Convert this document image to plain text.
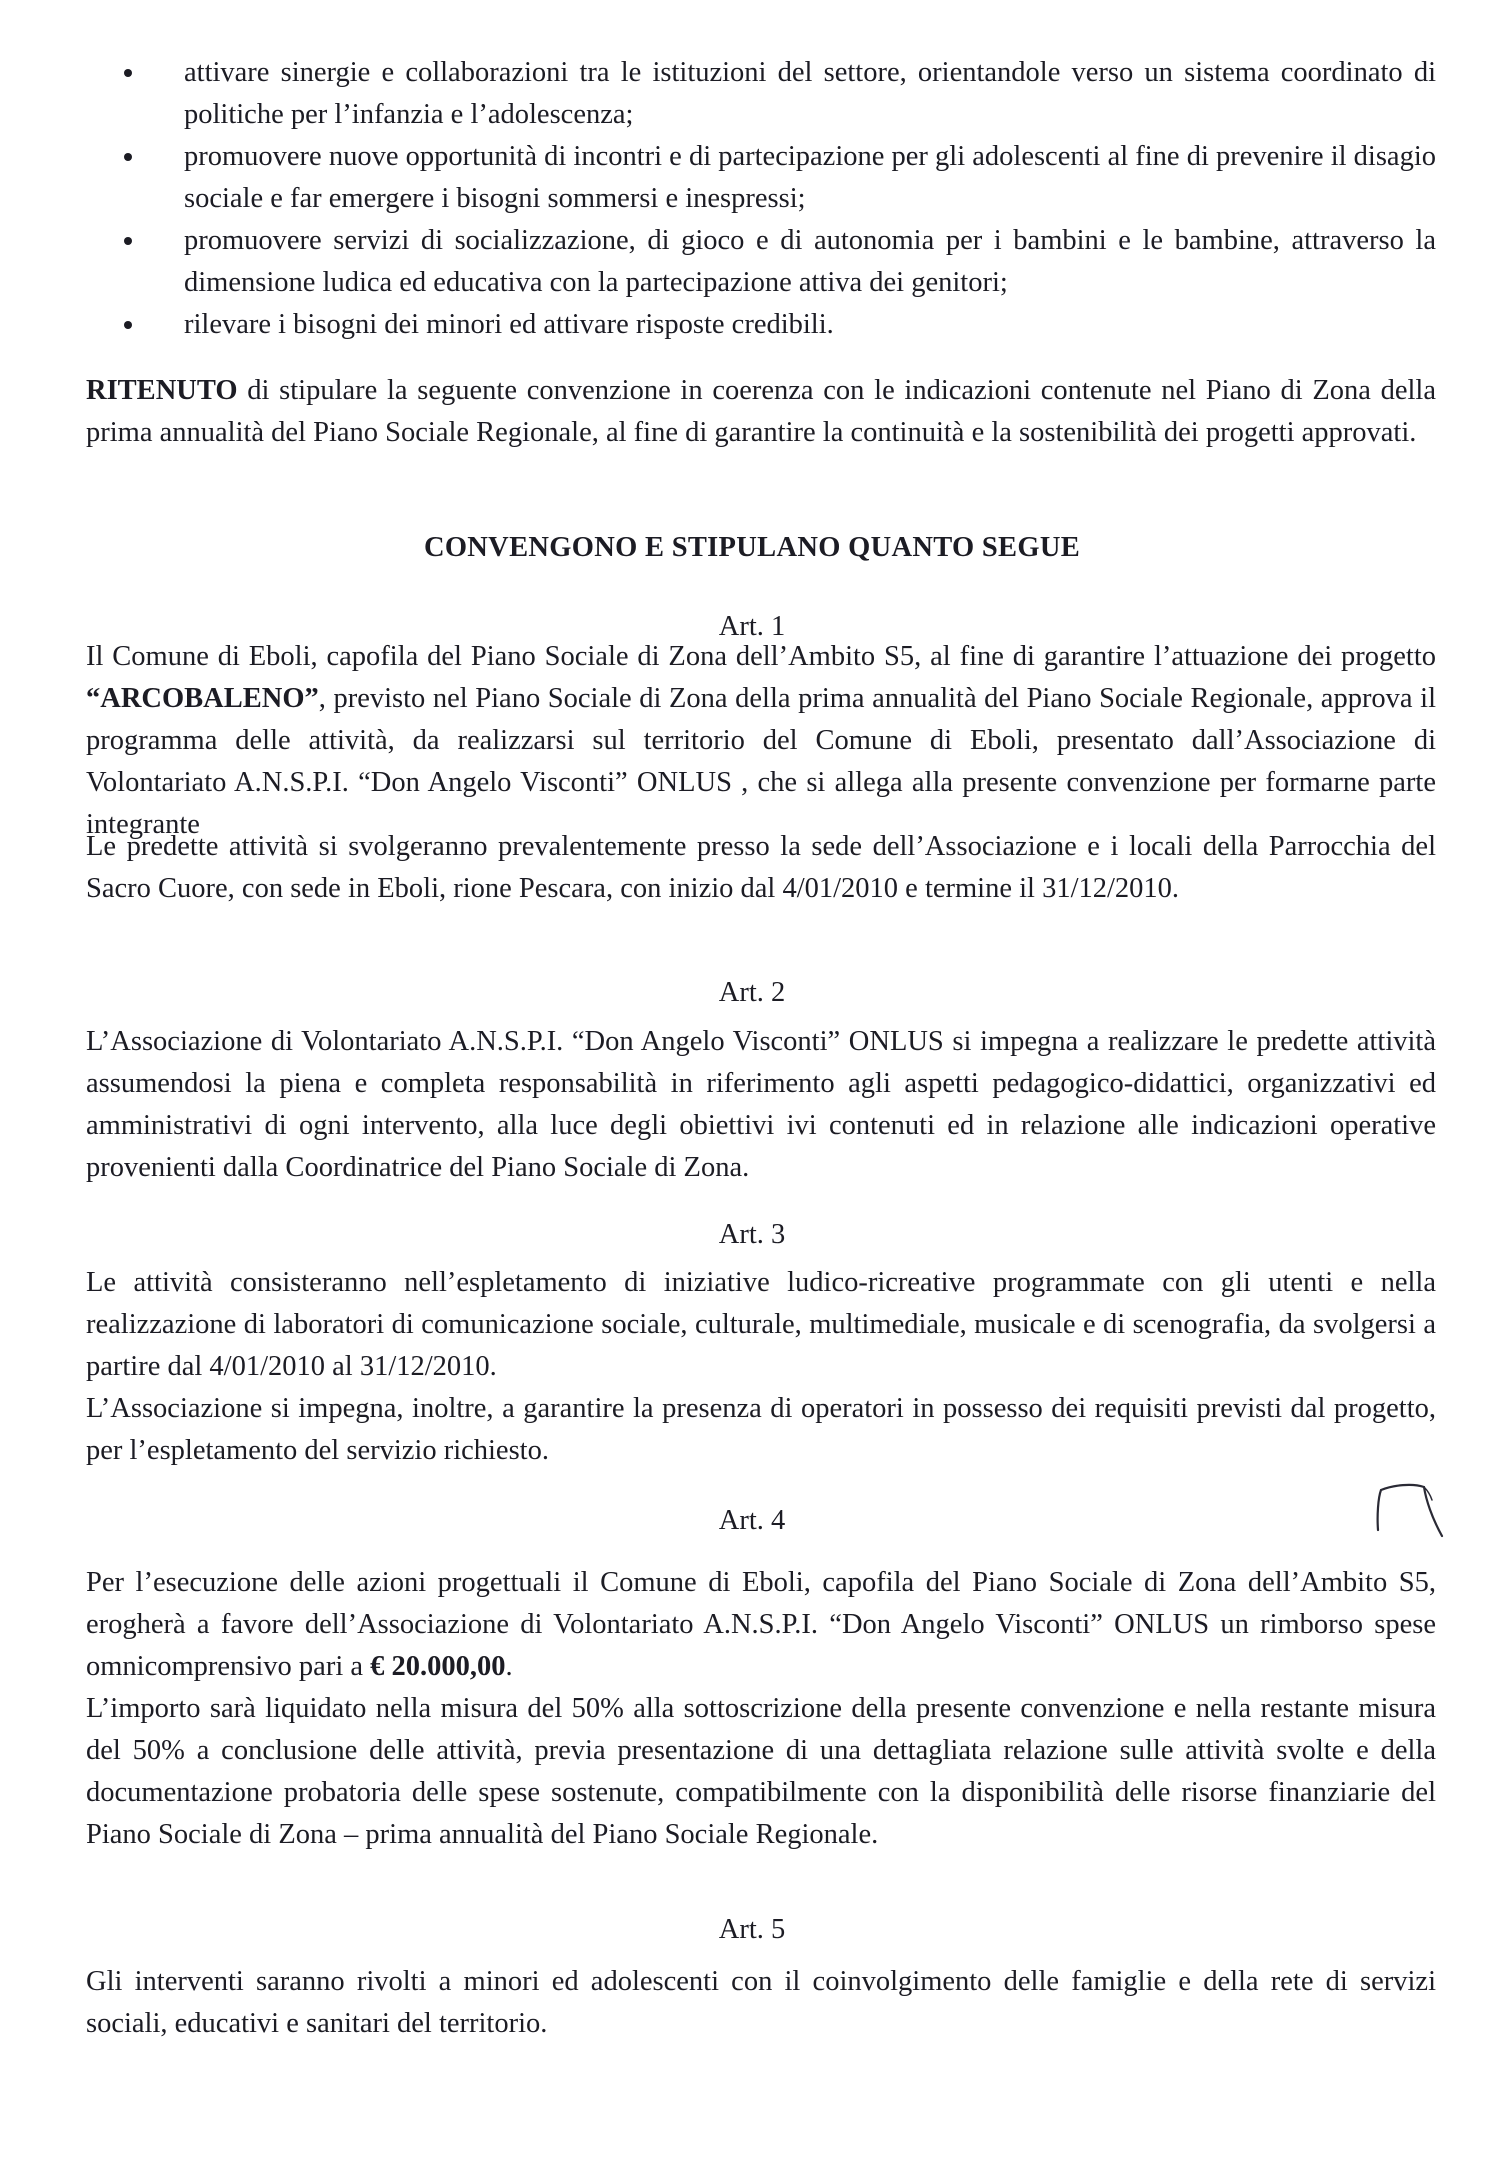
attivare sinergie e collaborazioni tra le istituzioni del settore, orientandole verso un sistema coordinato di politiche per l’infanzia e l’adolescenza;
promuovere nuove opportunità di incontri e di partecipazione per gli adolescenti al fine di prevenire il disagio sociale e far emergere i bisogni sommersi e inespressi;
promuovere servizi di socializzazione, di gioco e di autonomia per i bambini e le bambine, attraverso la dimensione ludica ed educativa con la partecipazione attiva dei genitori;
rilevare i bisogni dei minori ed attivare risposte credibili.

RITENUTO di stipulare la seguente convenzione in coerenza con le indicazioni contenute nel Piano di Zona della prima annualità del Piano Sociale Regionale, al fine di garantire la continuità e la sostenibilità dei progetti approvati.

CONVENGONO E STIPULANO QUANTO SEGUE
Art. 1

Il Comune di Eboli, capofila del Piano Sociale di Zona dell’Ambito S5, al fine di garantire l’attuazione dei progetto “ARCOBALENO”, previsto nel Piano Sociale di Zona della prima annualità del Piano Sociale Regionale, approva il programma delle attività, da realizzarsi sul territorio del Comune di Eboli, presentato dall’Associazione di Volontariato A.N.S.P.I. “Don Angelo Visconti” ONLUS , che si allega alla presente convenzione per formarne parte integrante

Le predette attività si svolgeranno prevalentemente presso la sede dell’Associazione e i locali della Parrocchia del Sacro Cuore, con sede in Eboli, rione Pescara, con inizio dal 4/01/2010 e termine il 31/12/2010.

Art. 2

L’Associazione di Volontariato A.N.S.P.I. “Don Angelo Visconti” ONLUS si impegna a realizzare le predette attività assumendosi la piena e completa responsabilità in riferimento agli aspetti pedagogico-didattici, organizzativi ed amministrativi di ogni intervento, alla luce degli obiettivi ivi contenuti ed in relazione alle indicazioni operative provenienti dalla Coordinatrice del Piano Sociale di Zona.

Art. 3

Le attività consisteranno nell’espletamento di iniziative ludico-ricreative programmate con gli utenti e nella realizzazione di laboratori di comunicazione sociale, culturale, multimediale, musicale e di scenografia, da svolgersi a partire dal 4/01/2010 al 31/12/2010.

L’Associazione si impegna, inoltre, a garantire la presenza di operatori in possesso dei requisiti previsti dal progetto, per l’espletamento del servizio richiesto.

Art. 4

Per l’esecuzione delle azioni progettuali il Comune di Eboli, capofila del Piano Sociale di Zona dell’Ambito S5, erogherà a favore dell’Associazione di Volontariato A.N.S.P.I. “Don Angelo Visconti” ONLUS un rimborso spese omnicomprensivo pari a € 20.000,00.

L’importo sarà liquidato nella misura del 50% alla sottoscrizione della presente convenzione e nella restante misura del 50% a conclusione delle attività, previa presentazione di una dettagliata relazione sulle attività svolte e della documentazione probatoria delle spese sostenute, compatibilmente con la disponibilità delle risorse finanziarie del Piano Sociale di Zona – prima annualità del Piano Sociale Regionale.

Art. 5

Gli interventi saranno rivolti a minori ed adolescenti con il coinvolgimento delle famiglie e della rete di servizi sociali, educativi e sanitari del territorio.
